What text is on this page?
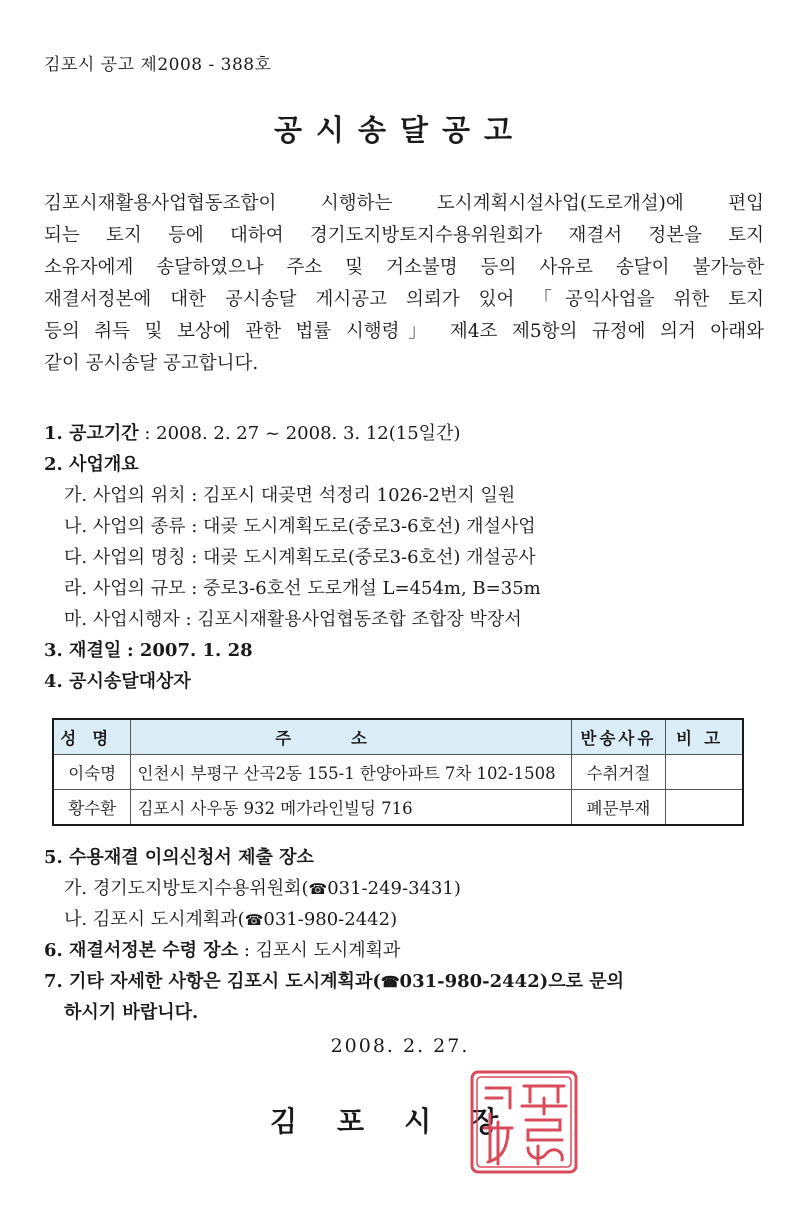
김포시 공고 제2008 - 388호
공시송달공고
김포시재활용사업협동조합이 시행하는 도시계획시설사업(도로개설)에 편입
되는 토지 등에 대하여 경기도지방토지수용위원회가 재결서 정본을 토지
소유자에게 송달하였으나 주소 및 거소불명 등의 사유로 송달이 불가능한
재결서정본에 대한 공시송달 게시공고 의뢰가 있어 「공익사업을 위한 토지
등의 취득 및 보상에 관한 법률 시행령」 제4조 제5항의 규정에 의거 아래와
같이 공시송달 공고합니다.
1. 공고기간 : 2008. 2. 27 ~ 2008. 3. 12(15일간)
2. 사업개요
가. 사업의 위치 : 김포시 대곶면 석정리 1026-2번지 일원
나. 사업의 종류 : 대곶 도시계획도로(중로3-6호선) 개설사업
다. 사업의 명칭 : 대곶 도시계획도로(중로3-6호선) 개설공사
라. 사업의 규모 : 중로3-6호선 도로개설 L=454m, B=35m
마. 사업시행자 : 김포시재활용사업협동조합 조합장 박장서
3. 재결일 : 2007. 1. 28
4. 공시송달대상자
성명	주소	반송사유	비고
이숙명	인천시 부평구 산곡2동 155-1 한양아파트 7차 102-1508	수취거절	
황수환	김포시 사우동 932 메가라인빌딩 716	폐문부재	
5. 수용재결 이의신청서 제출 장소
가. 경기도지방토지수용위원회(☎031-249-3431)
나. 김포시 도시계획과(☎031-980-2442)
6. 재결서정본 수령 장소 : 김포시 도시계획과
7. 기타 자세한 사항은 김포시 도시계획과(☎031-980-2442)으로 문의
하시기 바랍니다.
2008. 2. 27.
김포시장
